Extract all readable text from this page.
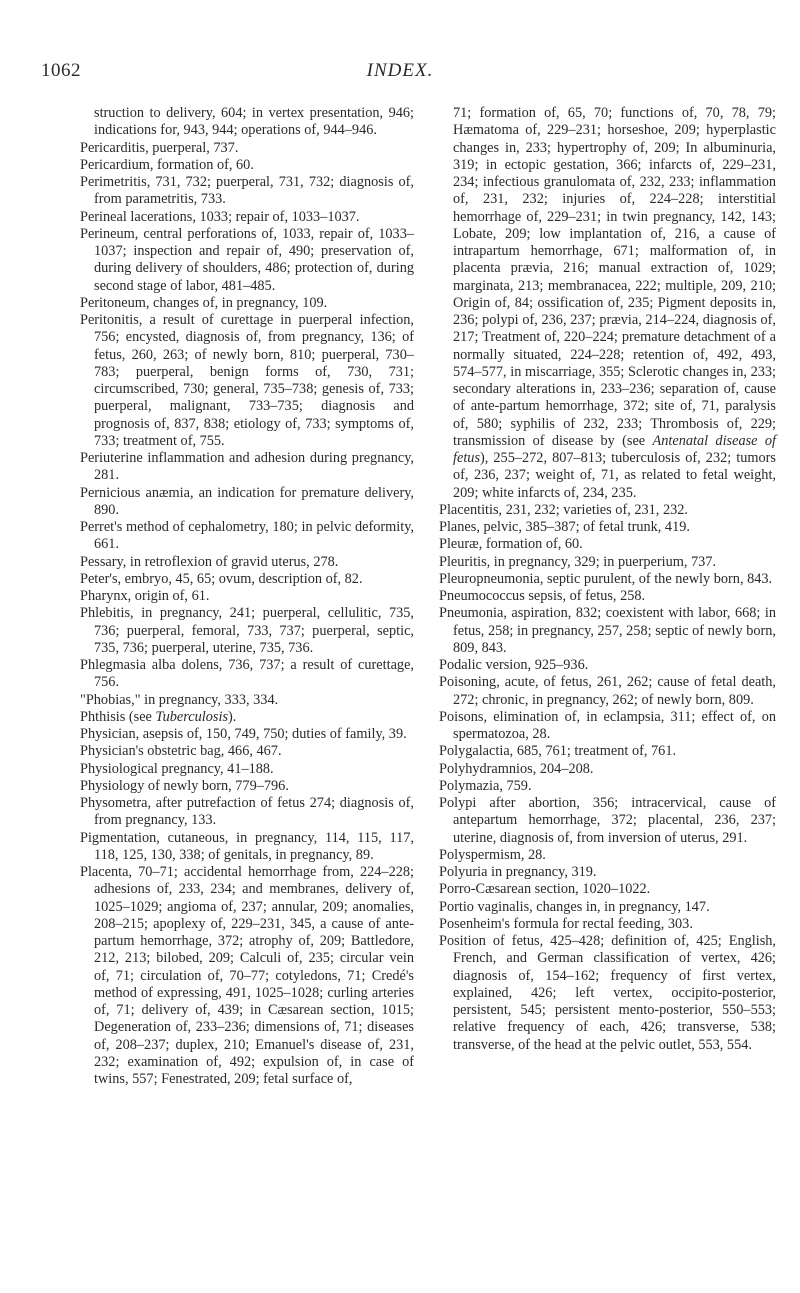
1062	INDEX.

struction to delivery, 604; in vertex presentation, 946; indications for, 943, 944; operations of, 944–946.

Pericarditis, puerperal, 737.

Pericardium, formation of, 60.

Perimetritis, 731, 732; puerperal, 731, 732; diagnosis of, from parametritis, 733.

Perineal lacerations, 1033; repair of, 1033–1037.

Perineum, central perforations of, 1033, repair of, 1033–1037; inspection and repair of, 490; preservation of, during delivery of shoulders, 486; protection of, during second stage of labor, 481–485.

Peritoneum, changes of, in pregnancy, 109.

Peritonitis, a result of curettage in puerperal infection, 756; encysted, diagnosis of, from pregnancy, 136; of fetus, 260, 263; of newly born, 810; puerperal, 730–783; puerperal, benign forms of, 730, 731; circumscribed, 730; general, 735–738; genesis of, 733; puerperal, malignant, 733–735; diagnosis and prognosis of, 837, 838; etiology of, 733; symptoms of, 733; treatment of, 755.

Periuterine inflammation and adhesion during pregnancy, 281.

Pernicious anæmia, an indication for premature delivery, 890.

Perret's method of cephalometry, 180; in pelvic deformity, 661.

Pessary, in retroflexion of gravid uterus, 278.

Peter's, embryo, 45, 65; ovum, description of, 82.

Pharynx, origin of, 61.

Phlebitis, in pregnancy, 241; puerperal, cellulitic, 735, 736; puerperal, femoral, 733, 737; puerperal, septic, 735, 736; puerperal, uterine, 735, 736.

Phlegmasia alba dolens, 736, 737; a result of curettage, 756.

"Phobias," in pregnancy, 333, 334.

Phthisis (see Tuberculosis).

Physician, asepsis of, 150, 749, 750; duties of family, 39.

Physician's obstetric bag, 466, 467.

Physiological pregnancy, 41–188.

Physiology of newly born, 779–796.

Physometra, after putrefaction of fetus 274; diagnosis of, from pregnancy, 133.

Pigmentation, cutaneous, in pregnancy, 114, 115, 117, 118, 125, 130, 338; of genitals, in pregnancy, 89.

Placenta, 70–71; accidental hemorrhage from, 224–228; adhesions of, 233, 234; and membranes, delivery of, 1025–1029; angioma of, 237; annular, 209; anomalies, 208–215; apoplexy of, 229–231, 345, a cause of ante-partum hemorrhage, 372; atrophy of, 209; Battledore, 212, 213; bilobed, 209; Calculi of, 235; circular vein of, 71; circulation of, 70–77; cotyledons, 71; Credé's method of expressing, 491, 1025–1028; curling arteries of, 71; delivery of, 439; in Cæsarean section, 1015; Degeneration of, 233–236; dimensions of, 71; diseases of, 208–237; duplex, 210; Emanuel's disease of, 231, 232; examination of, 492; expulsion of, in case of twins, 557; Fenestrated, 209; fetal surface of,

71; formation of, 65, 70; functions of, 70, 78, 79; Hæmatoma of, 229–231; horseshoe, 209; hyperplastic changes in, 233; hypertrophy of, 209; In albuminuria, 319; in ectopic gestation, 366; infarcts of, 229–231, 234; infectious granulomata of, 232, 233; inflammation of, 231, 232; injuries of, 224–228; interstitial hemorrhage of, 229–231; in twin pregnancy, 142, 143; Lobate, 209; low implantation of, 216, a cause of intrapartum hemorrhage, 671; malformation of, in placenta prævia, 216; manual extraction of, 1029; marginata, 213; membranacea, 222; multiple, 209, 210; Origin of, 84; ossification of, 235; Pigment deposits in, 236; polypi of, 236, 237; prævia, 214–224, diagnosis of, 217; Treatment of, 220–224; premature detachment of a normally situated, 224–228; retention of, 492, 493, 574–577, in miscarriage, 355; Sclerotic changes in, 233; secondary alterations in, 233–236; separation of, cause of ante-partum hemorrhage, 372; site of, 71, paralysis of, 580; syphilis of 232, 233; Thrombosis of, 229; transmission of disease by (see Antenatal disease of fetus), 255–272, 807–813; tuberculosis of, 232; tumors of, 236, 237; weight of, 71, as related to fetal weight, 209; white infarcts of, 234, 235.

Placentitis, 231, 232; varieties of, 231, 232.

Planes, pelvic, 385–387; of fetal trunk, 419.

Pleuræ, formation of, 60.

Pleuritis, in pregnancy, 329; in puerperium, 737.

Pleuropneumonia, septic purulent, of the newly born, 843.

Pneumococcus sepsis, of fetus, 258.

Pneumonia, aspiration, 832; coexistent with labor, 668; in fetus, 258; in pregnancy, 257, 258; septic of newly born, 809, 843.

Podalic version, 925–936.

Poisoning, acute, of fetus, 261, 262; cause of fetal death, 272; chronic, in pregnancy, 262; of newly born, 809.

Poisons, elimination of, in eclampsia, 311; effect of, on spermatozoa, 28.

Polygalactia, 685, 761; treatment of, 761.

Polyhydramnios, 204–208.

Polymazia, 759.

Polypi after abortion, 356; intracervical, cause of antepartum hemorrhage, 372; placental, 236, 237; uterine, diagnosis of, from inversion of uterus, 291.

Polyspermism, 28.

Polyuria in pregnancy, 319.

Porro-Cæsarean section, 1020–1022.

Portio vaginalis, changes in, in pregnancy, 147.

Posenheim's formula for rectal feeding, 303.

Position of fetus, 425–428; definition of, 425; English, French, and German classification of vertex, 426; diagnosis of, 154–162; frequency of first vertex, explained, 426; left vertex, occipito-posterior, persistent, 545; persistent mento-posterior, 550–553; relative frequency of each, 426; transverse, 538; transverse, of the head at the pelvic outlet, 553, 554.
